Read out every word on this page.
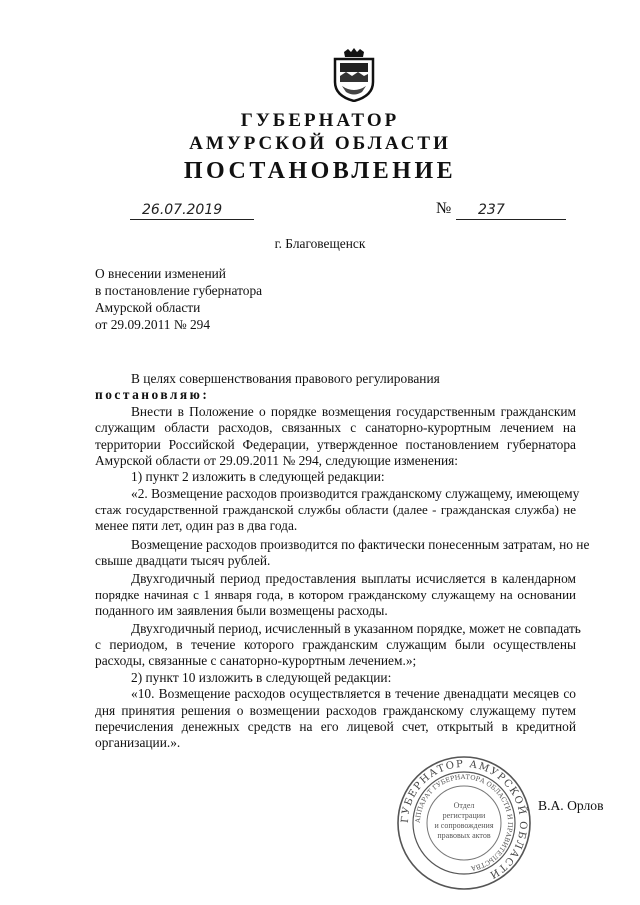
ГУБЕРНАТОР
АМУРСКОЙ ОБЛАСТИ
ПОСТАНОВЛЕНИЕ
26.07.2019	№ 237
г. Благовещенск
О внесении изменений
в постановление губернатора
Амурской области
от 29.09.2011 № 294
В целях совершенствования правового регулирования
постановляю:
Внести в Положение о порядке возмещения государственным гражданским
служащим области расходов, связанных с санаторно-курортным лечением на
территории Российской Федерации, утвержденное постановлением губернатора
Амурской области от 29.09.2011 № 294, следующие изменения:
1) пункт 2 изложить в следующей редакции:
«2. Возмещение расходов производится гражданскому служащему, имеющему
стаж государственной гражданской службы области (далее - гражданская служба) не
менее пяти лет, один раз в два года.
Возмещение расходов производится по фактически понесенным затратам, но не
свыше двадцати тысяч рублей.
Двухгодичный период предоставления выплаты исчисляется в календарном
порядке начиная с 1 января года, в котором гражданскому служащему на основании
поданного им заявления были возмещены расходы.
Двухгодичный период, исчисленный в указанном порядке, может не совпадать
с периодом, в течение которого гражданским служащим были осуществлены
расходы, связанные с санаторно-курортным лечением.»;
2) пункт 10 изложить в следующей редакции:
«10. Возмещение расходов осуществляется в течение двенадцати месяцев со
дня принятия решения о возмещении расходов гражданскому служащему путем
перечисления денежных средств на его лицевой счет, открытый в кредитной
организации.».
ГУБЕРНАТОР АМУРСКОЙ ОБЛАСТИ
АППАРАТ ГУБЕРНАТОРА ОБЛАСТИ И ПРАВИТЕЛЬСТВА
Отдел
регистрации
и сопровождения
правовых актов
В.А. Орлов
